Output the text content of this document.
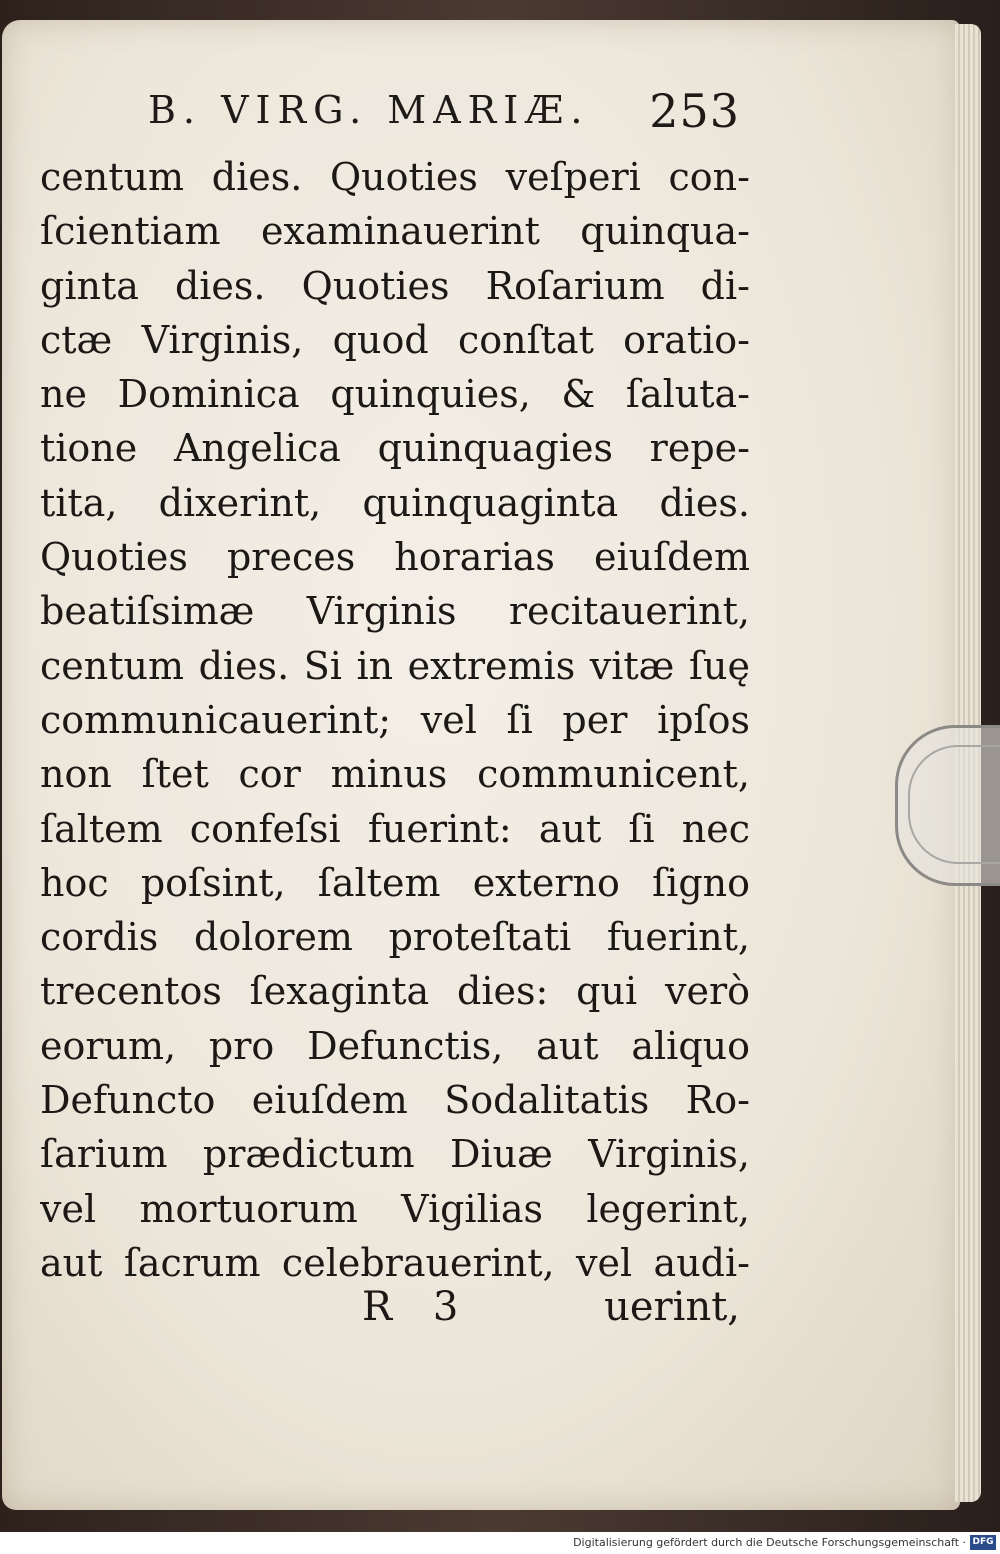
B. VIRG. MARIÆ. 253
centum dies. Quoties veſperi con-
ſcientiam examinauerint quinqua-
ginta dies. Quoties Roſarium di-
ctæ Virginis, quod conſtat oratio-
ne Dominica quinquies, & ſaluta-
tione Angelica quinquagies repe-
tita, dixerint, quinquaginta dies.
Quoties preces horarias eiuſdem
beatiſsimæ Virginis recitauerint,
centum dies. Si in extremis vitæ ſuę
communicauerint; vel ſi per ipſos
non ſtet cor minus communicent,
ſaltem confeſsi fuerint: aut ſi nec
hoc poſsint, ſaltem externo ſigno
cordis dolorem proteſtati fuerint,
trecentos ſexaginta dies: qui verò
eorum, pro Defunctis, aut aliquo
Defuncto eiuſdem Sodalitatis Ro-
ſarium prædictum Diuæ Virginis,
vel mortuorum Vigilias legerint,
aut ſacrum celebrauerint, vel audi-
R 3	uerint,
Digitalisierung gefördert durch die Deutsche Forschungsgemeinschaft · DFG
